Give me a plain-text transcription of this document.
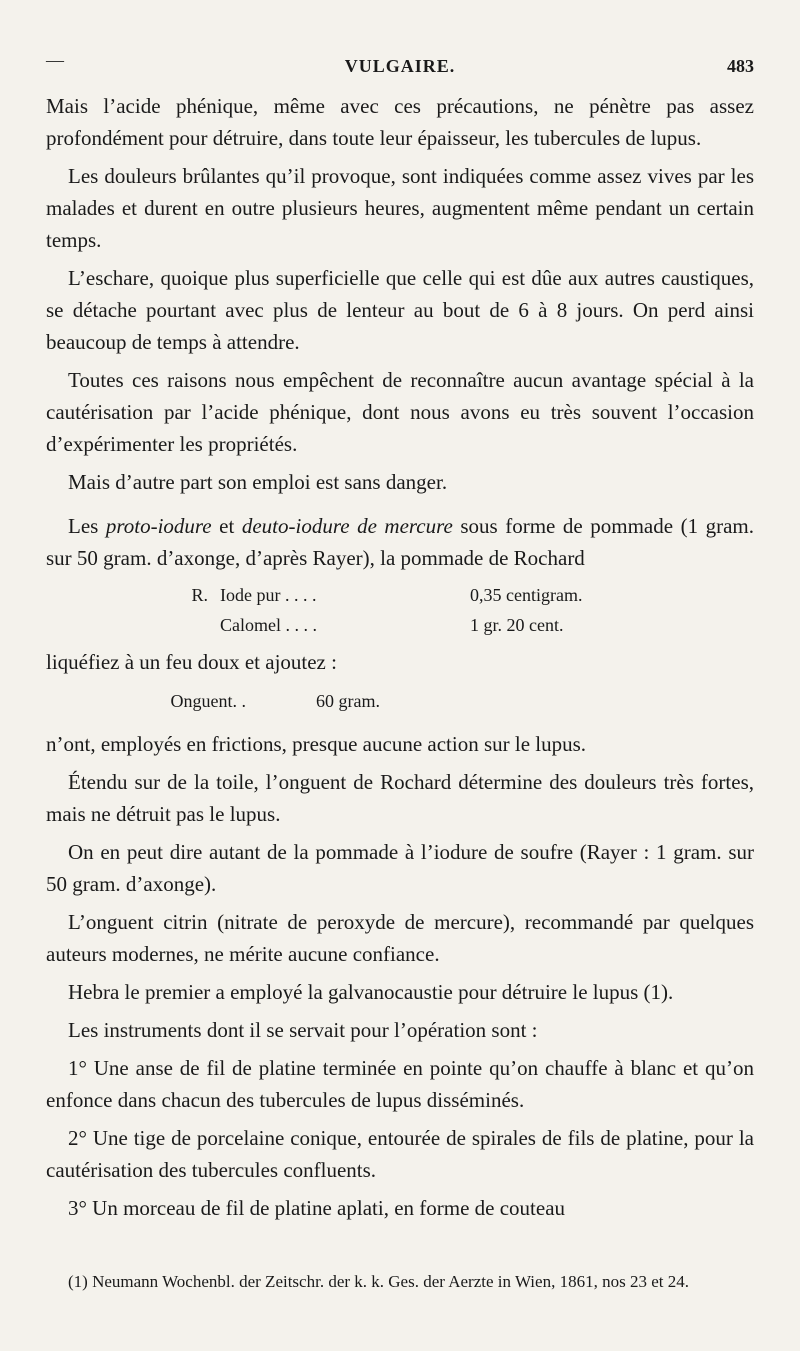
—	VULGAIRE.	483

Mais l’acide phénique, même avec ces précautions, ne pénètre pas assez profondément pour détruire, dans toute leur épaisseur, les tubercules de lupus.

Les douleurs brûlantes qu’il provoque, sont indiquées comme assez vives par les malades et durent en outre plusieurs heures, augmentent même pendant un certain temps.

L’eschare, quoique plus superficielle que celle qui est dûe aux autres caustiques, se détache pourtant avec plus de lenteur au bout de 6 à 8 jours. On perd ainsi beaucoup de temps à attendre.

Toutes ces raisons nous empêchent de reconnaître aucun avantage spécial à la cautérisation par l’acide phénique, dont nous avons eu très souvent l’occasion d’expérimenter les propriétés.

Mais d’autre part son emploi est sans danger.

Les proto-iodure et deuto-iodure de mercure sous forme de pommade (1 gram. sur 50 gram. d’axonge, d’après Rayer), la pommade de Rochard

R. Iode pur . . . .	0,35 centigram.
Calomel . . . .	1 gr. 20 cent.

liquéfiez à un feu doux et ajoutez :

Onguent. .	60 gram.

n’ont, employés en frictions, presque aucune action sur le lupus.

Étendu sur de la toile, l’onguent de Rochard détermine des douleurs très fortes, mais ne détruit pas le lupus.

On en peut dire autant de la pommade à l’iodure de soufre (Rayer : 1 gram. sur 50 gram. d’axonge).

L’onguent citrin (nitrate de peroxyde de mercure), recommandé par quelques auteurs modernes, ne mérite aucune confiance.

Hebra le premier a employé la galvanocaustie pour détruire le lupus (1).

Les instruments dont il se servait pour l’opération sont :

1° Une anse de fil de platine terminée en pointe qu’on chauffe à blanc et qu’on enfonce dans chacun des tubercules de lupus disséminés.

2° Une tige de porcelaine conique, entourée de spirales de fils de platine, pour la cautérisation des tubercules confluents.

3° Un morceau de fil de platine aplati, en forme de couteau

(1) Neumann Wochenbl. der Zeitschr. der k. k. Ges. der Aerzte in Wien, 1861, nos 23 et 24.
